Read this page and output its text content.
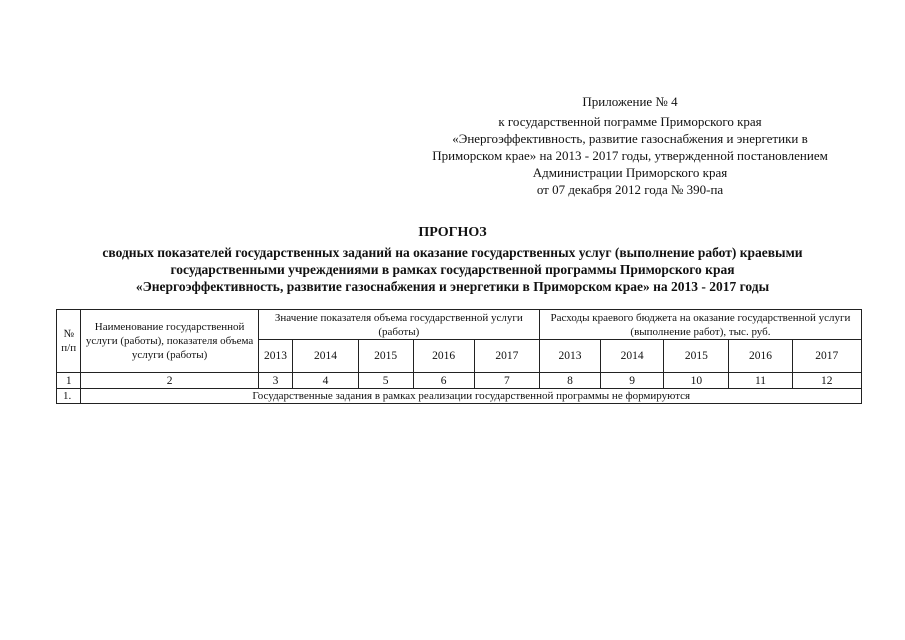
Приложение № 4
к государственной пограмме Приморского края
«Энергоэффективность, развитие газоснабжения и энергетики в
Приморском крае» на 2013 - 2017 годы, утвержденной постановлением
Администрации Приморского края
от 07 декабря 2012 года № 390-па
ПРОГНОЗ
сводных показателей государственных заданий на оказание государственных услуг (выполнение работ) краевыми
государственными учреждениями в рамках государственной программы Приморского края
«Энергоэффективность, развитие газоснабжения и энергетики в Приморском крае» на 2013 - 2017 годы
№ п/п	Наименование государственной услуги (работы), показателя объема услуги (работы)	Значение показателя объема государственной услуги (работы)					Расходы краевого бюджета на оказание государственной услуги (выполнение работ), тыс. руб.				
		2013	2014	2015	2016	2017	2013	2014	2015	2016	2017
1	2	3	4	5	6	7	8	9	10	11	12
1.	Государственные задания в рамках реализации государственной программы не формируются										
